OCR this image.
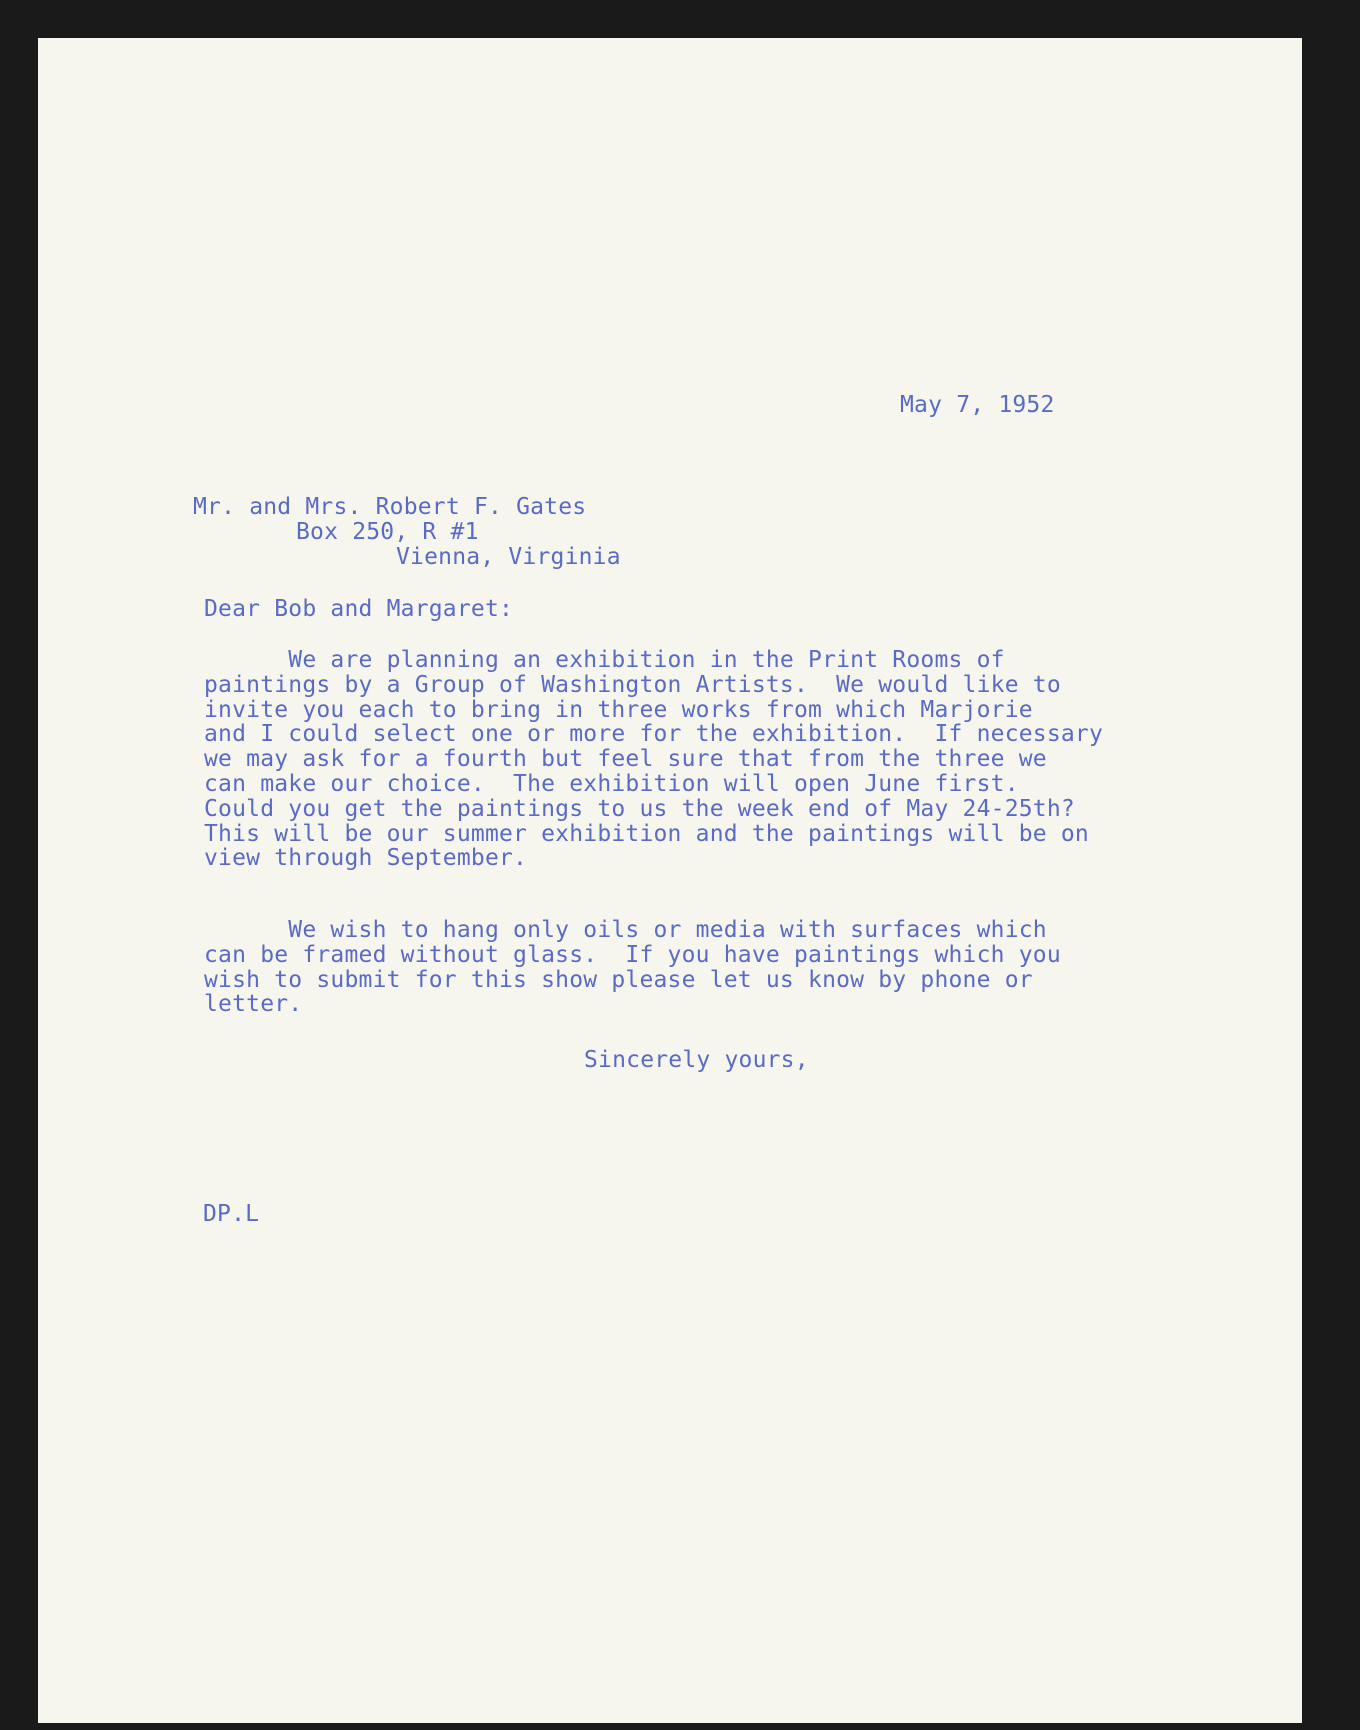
May 7, 1952

Mr. and Mrs. Robert F. Gates

Box 250, R #1

Vienna, Virginia

Dear Bob and Margaret:

We are planning an exhibition in the Print Rooms of
paintings by a Group of Washington Artists.  We would like to
invite you each to bring in three works from which Marjorie
and I could select one or more for the exhibition.  If necessary
we may ask for a fourth but feel sure that from the three we
can make our choice.  The exhibition will open June first.
Could you get the paintings to us the week end of May 24-25th?
This will be our summer exhibition and the paintings will be on
view through September.

We wish to hang only oils or media with surfaces which
can be framed without glass.  If you have paintings which you
wish to submit for this show please let us know by phone or
letter.

Sincerely yours,

DP.L
